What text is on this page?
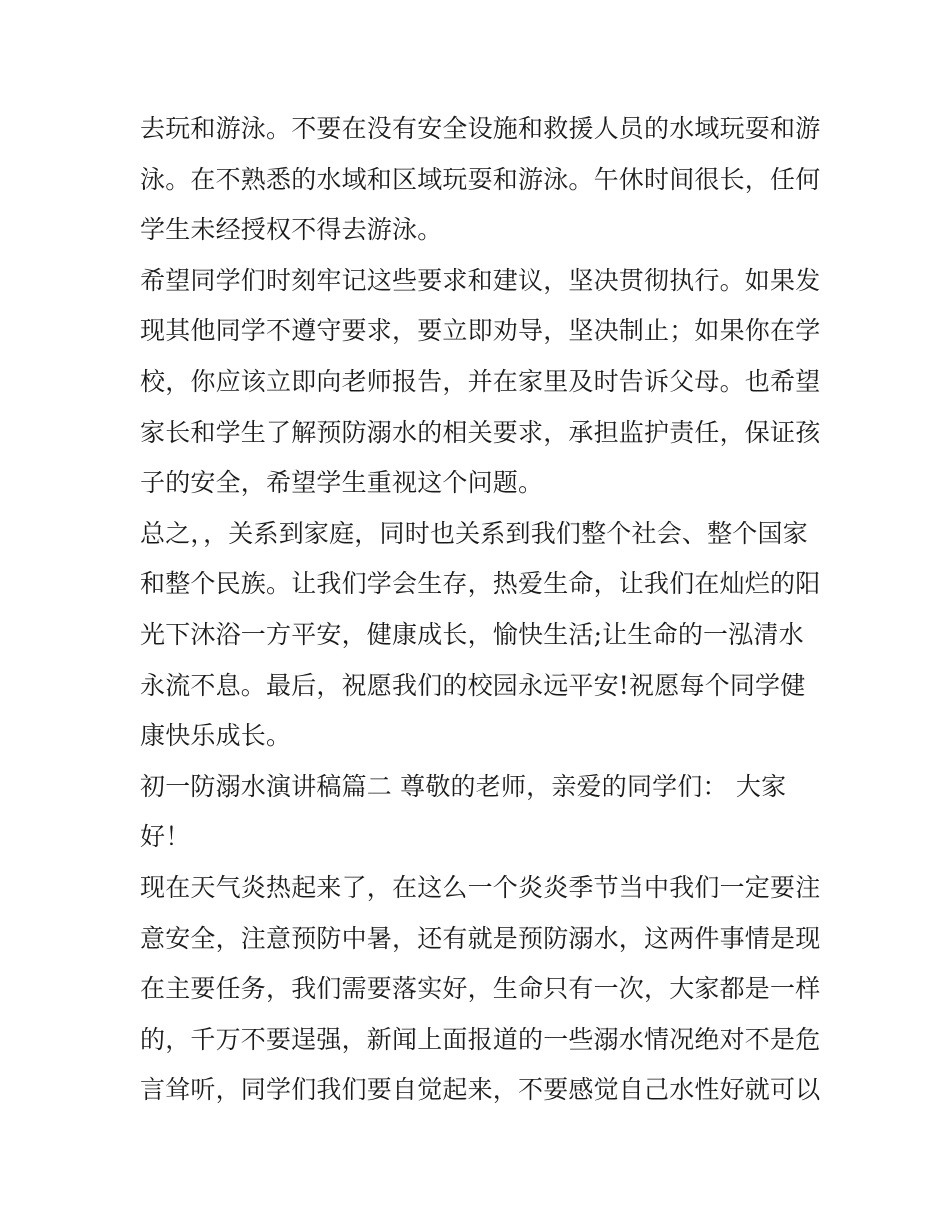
去玩和游泳。不要在没有安全设施和救援人员的水域玩耍和游
泳。在不熟悉的水域和区域玩耍和游泳。午休时间很长，任何
学生未经授权不得去游泳。
希望同学们时刻牢记这些要求和建议，坚决贯彻执行。如果发
现其他同学不遵守要求，要立即劝导，坚决制止；如果你在学
校，你应该立即向老师报告，并在家里及时告诉父母。也希望
家长和学生了解预防溺水的相关要求，承担监护责任，保证孩
子的安全，希望学生重视这个问题。
总之，，关系到家庭，同时也关系到我们整个社会、整个国家
和整个民族。让我们学会生存，热爱生命，让我们在灿烂的阳
光下沐浴一方平安，健康成长，愉快生活;让生命的一泓清水
永流不息。最后，祝愿我们的校园永远平安!祝愿每个同学健
康快乐成长。
初一防溺水演讲稿篇二 尊敬的老师，亲爱的同学们： 大家
好！
现在天气炎热起来了，在这么一个炎炎季节当中我们一定要注
意安全，注意预防中暑，还有就是预防溺水，这两件事情是现
在主要任务，我们需要落实好，生命只有一次，大家都是一样
的，千万不要逞强，新闻上面报道的一些溺水情况绝对不是危
言耸听，同学们我们要自觉起来，不要感觉自己水性好就可以
